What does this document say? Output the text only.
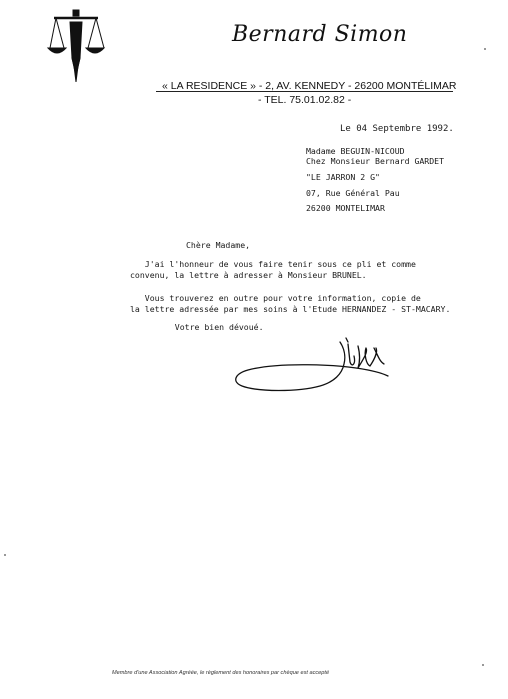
Bernard Simon
« LA RESIDENCE » - 2, AV. KENNEDY - 26200 MONTÉLIMAR
- TEL. 75.01.02.82 -
Le 04 Septembre 1992.
Madame BEGUIN-NICOUD
Chez Monsieur Bernard GARDET
"LE JARRON 2 G"
07, Rue Général Pau
26200 MONTELIMAR
Chère Madame,
J'ai l'honneur de vous faire tenir sous ce pli et comme
convenu, la lettre à adresser à Monsieur BRUNEL.
Vous trouverez en outre pour votre information, copie de
la lettre adressée par mes soins à l'Etude HERNANDEZ - ST-MACARY.
Votre bien dévoué.
Membre d'une Association Agréée, le règlement des honoraires par chèque est accepté
